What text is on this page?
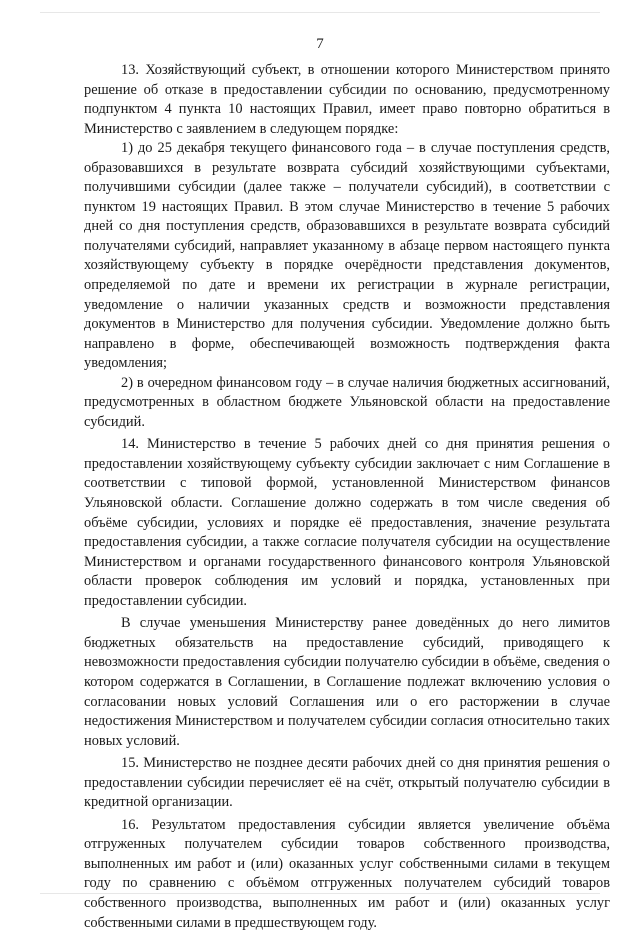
7

13. Хозяйствующий субъект, в отношении которого Министерством принято решение об отказе в предоставлении субсидии по основанию, предусмотренному подпунктом 4 пункта 10 настоящих Правил, имеет право повторно обратиться в Министерство с заявлением в следующем порядке:

1) до 25 декабря текущего финансового года – в случае поступления средств, образовавшихся в результате возврата субсидий хозяйствующими субъектами, получившими субсидии (далее также – получатели субсидий), в соответствии с пунктом 19 настоящих Правил. В этом случае Министерство в течение 5 рабочих дней со дня поступления средств, образовавшихся в результате возврата субсидий получателями субсидий, направляет указанному в абзаце первом настоящего пункта хозяйствующему субъекту в порядке очерёдности представления документов, определяемой по дате и времени их регистрации в журнале регистрации, уведомление о наличии указанных средств и возможности представления документов в Министерство для получения субсидии. Уведомление должно быть направлено в форме, обеспечивающей возможность подтверждения факта уведомления;

2) в очередном финансовом году – в случае наличия бюджетных ассигнований, предусмотренных в областном бюджете Ульяновской области на предоставление субсидий.

14. Министерство в течение 5 рабочих дней со дня принятия решения о предоставлении хозяйствующему субъекту субсидии заключает с ним Соглашение в соответствии с типовой формой, установленной Министерством финансов Ульяновской области. Соглашение должно содержать в том числе сведения об объёме субсидии, условиях и порядке её предоставления, значение результата предоставления субсидии, а также согласие получателя субсидии на осуществление Министерством и органами государственного финансового контроля Ульяновской области проверок соблюдения им условий и порядка, установленных при предоставлении субсидии.

В случае уменьшения Министерству ранее доведённых до него лимитов бюджетных обязательств на предоставление субсидий, приводящего к невозможности предоставления субсидии получателю субсидии в объёме, сведения о котором содержатся в Соглашении, в Соглашение подлежат включению условия о согласовании новых условий Соглашения или о его расторжении в случае недостижения Министерством и получателем субсидии согласия относительно таких новых условий.

15. Министерство не позднее десяти рабочих дней со дня принятия решения о предоставлении субсидии перечисляет её на счёт, открытый получателю субсидии в кредитной организации.

16. Результатом предоставления субсидии является увеличение объёма отгруженных получателем субсидии товаров собственного производства, выполненных им работ и (или) оказанных услуг собственными силами в текущем году по сравнению с объёмом отгруженных получателем субсидий товаров собственного производства, выполненных им работ и (или) оказанных услуг собственными силами в предшествующем году.
